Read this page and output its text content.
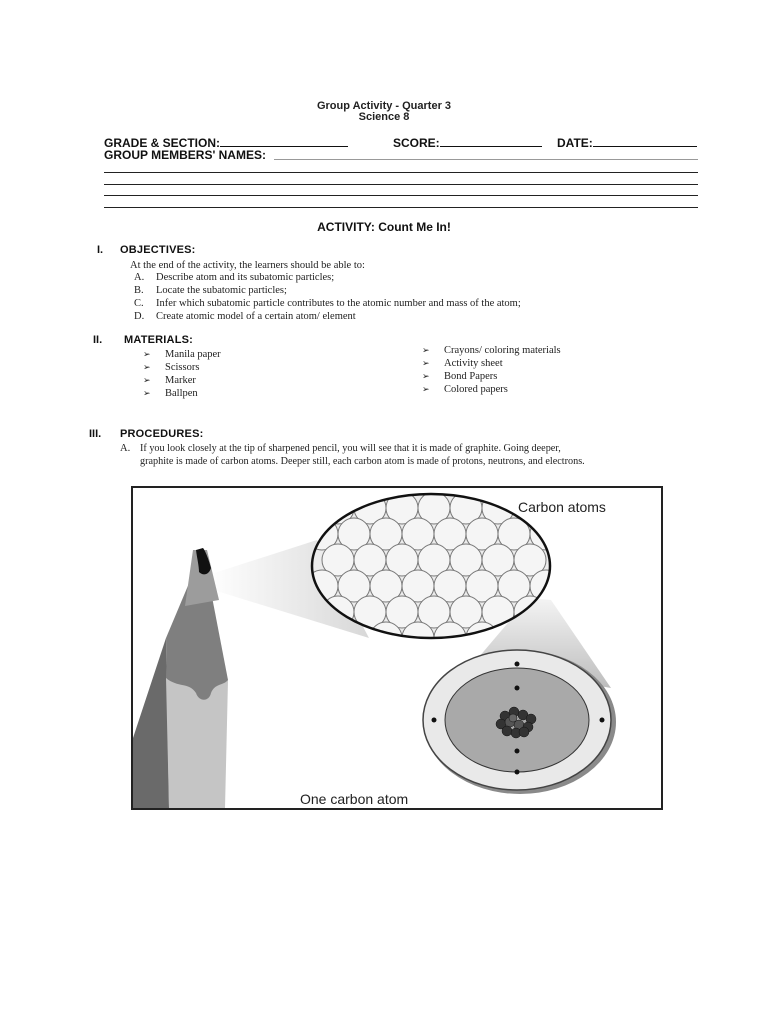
Group Activity - Quarter 3
Science 8
GRADE & SECTION:	SCORE:	DATE:
GROUP MEMBERS' NAMES:
ACTIVITY: Count Me In!
I. OBJECTIVES:
At the end of the activity, the learners should be able to:
A. Describe atom and its subatomic particles;
B. Locate the subatomic particles;
C. Infer which subatomic particle contributes to the atomic number and mass of the atom;
D. Create atomic model of a certain atom/ element
II. MATERIALS:
➢ Manila paper
➢ Scissors
➢ Marker
➢ Ballpen
➢ Crayons/ coloring materials
➢ Activity sheet
➢ Bond Papers
➢ Colored papers
III. PROCEDURES:
A. If you look closely at the tip of sharpened pencil, you will see that it is made of graphite. Going deeper,
graphite is made of carbon atoms. Deeper still, each carbon atom is made of protons, neutrons, and electrons.
Carbon atoms
One carbon atom
